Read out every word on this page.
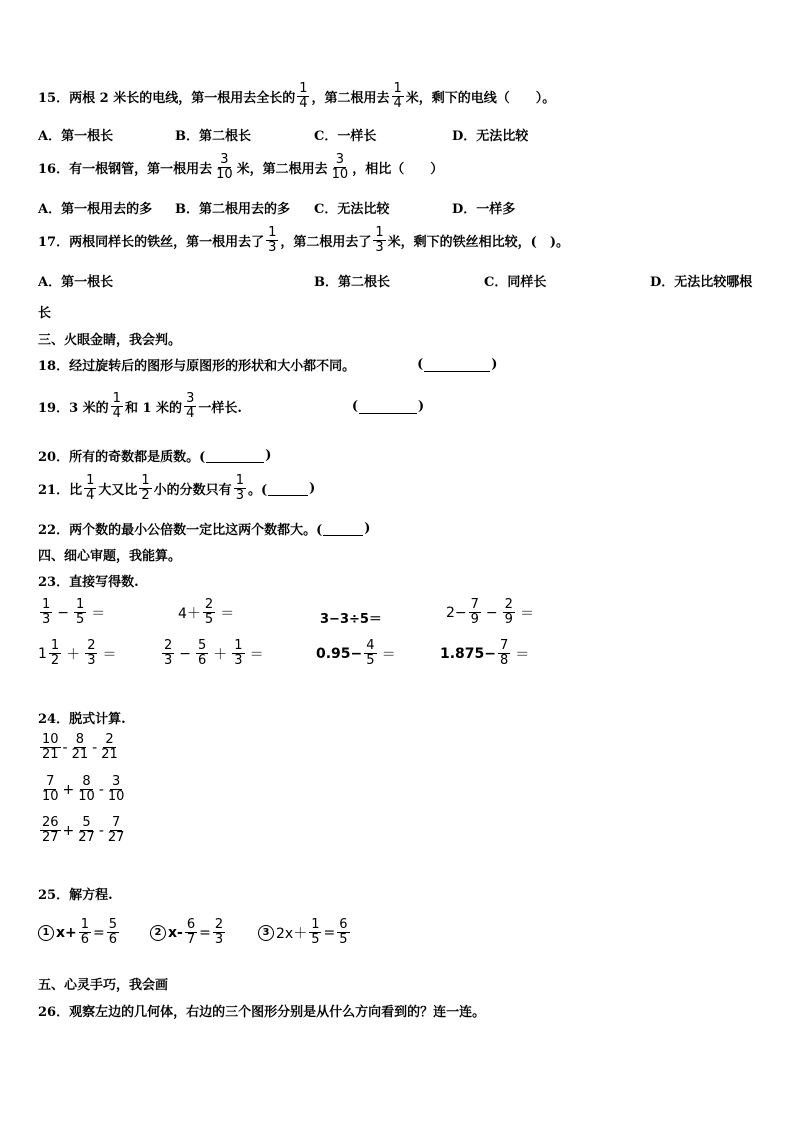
15．两根 2 米长的电线，第一根用去全长的 $\frac{1}{4}$ ，第二根用去 $\frac{1}{4}$ 米，剩下的电线（　　）。
A．第一根长	B．第二根长	C．一样长	D．无法比较
16．有一根钢管，第一根用去 $\frac{3}{10}$ 米，第二根用去 $\frac{3}{10}$ ，相比（　　）
A．第一根用去的多 B．第二根用去的多 C．无法比较	D．一样多
17．两根同样长的铁丝，第一根用去了 $\frac{1}{3}$ ，第二根用去了 $\frac{1}{3}$ 米，剩下的铁丝相比较，(　)。
A．第一根长	B．第二根长	C．同样长	D．无法比较哪根
长
三、火眼金睛，我会判。
18．经过旋转后的图形与原图形的形状和大小都不同。	(	)
19．3 米的 $\frac{1}{4}$ 和 1 米的 $\frac{3}{4}$ 一样长.	(	)
20．所有的奇数都是质数。(	)
21．比 $\frac{1}{4}$ 大又比 $\frac{1}{2}$ 小的分数只有 $\frac{1}{3}$ 。(	)
22．两个数的最小公倍数一定比这两个数都大。(	)
四、细心审题，我能算。
23．直接写得数.
$\frac{1}{3} - \frac{1}{5}$ ＝	$4+ \frac{2}{5}$ ＝	3−3÷5＝	$2- \frac{7}{9} - \frac{2}{9}$ ＝
$1 \frac{1}{2} + \frac{2}{3}$ ＝	$\frac{2}{3} - \frac{5}{6} + \frac{1}{3}$ ＝	$0.95- \frac{4}{5}$ ＝	$1.875- \frac{7}{8}$ ＝
24．脱式计算.
$\frac{10}{21} - \frac{8}{21} - \frac{2}{21}$
$\frac{7}{10} + \frac{8}{10} - \frac{3}{10}$
$\frac{26}{27} + \frac{5}{27} - \frac{7}{27}$
25．解方程.
1 $x+ \frac{1}{6} = \frac{5}{6}$	2 $x- \frac{6}{7} = \frac{2}{3}$	3 $2x+ \frac{1}{5} = \frac{6}{5}$
五、心灵手巧，我会画
26．观察左边的几何体，右边的三个图形分别是从什么方向看到的？连一连。
